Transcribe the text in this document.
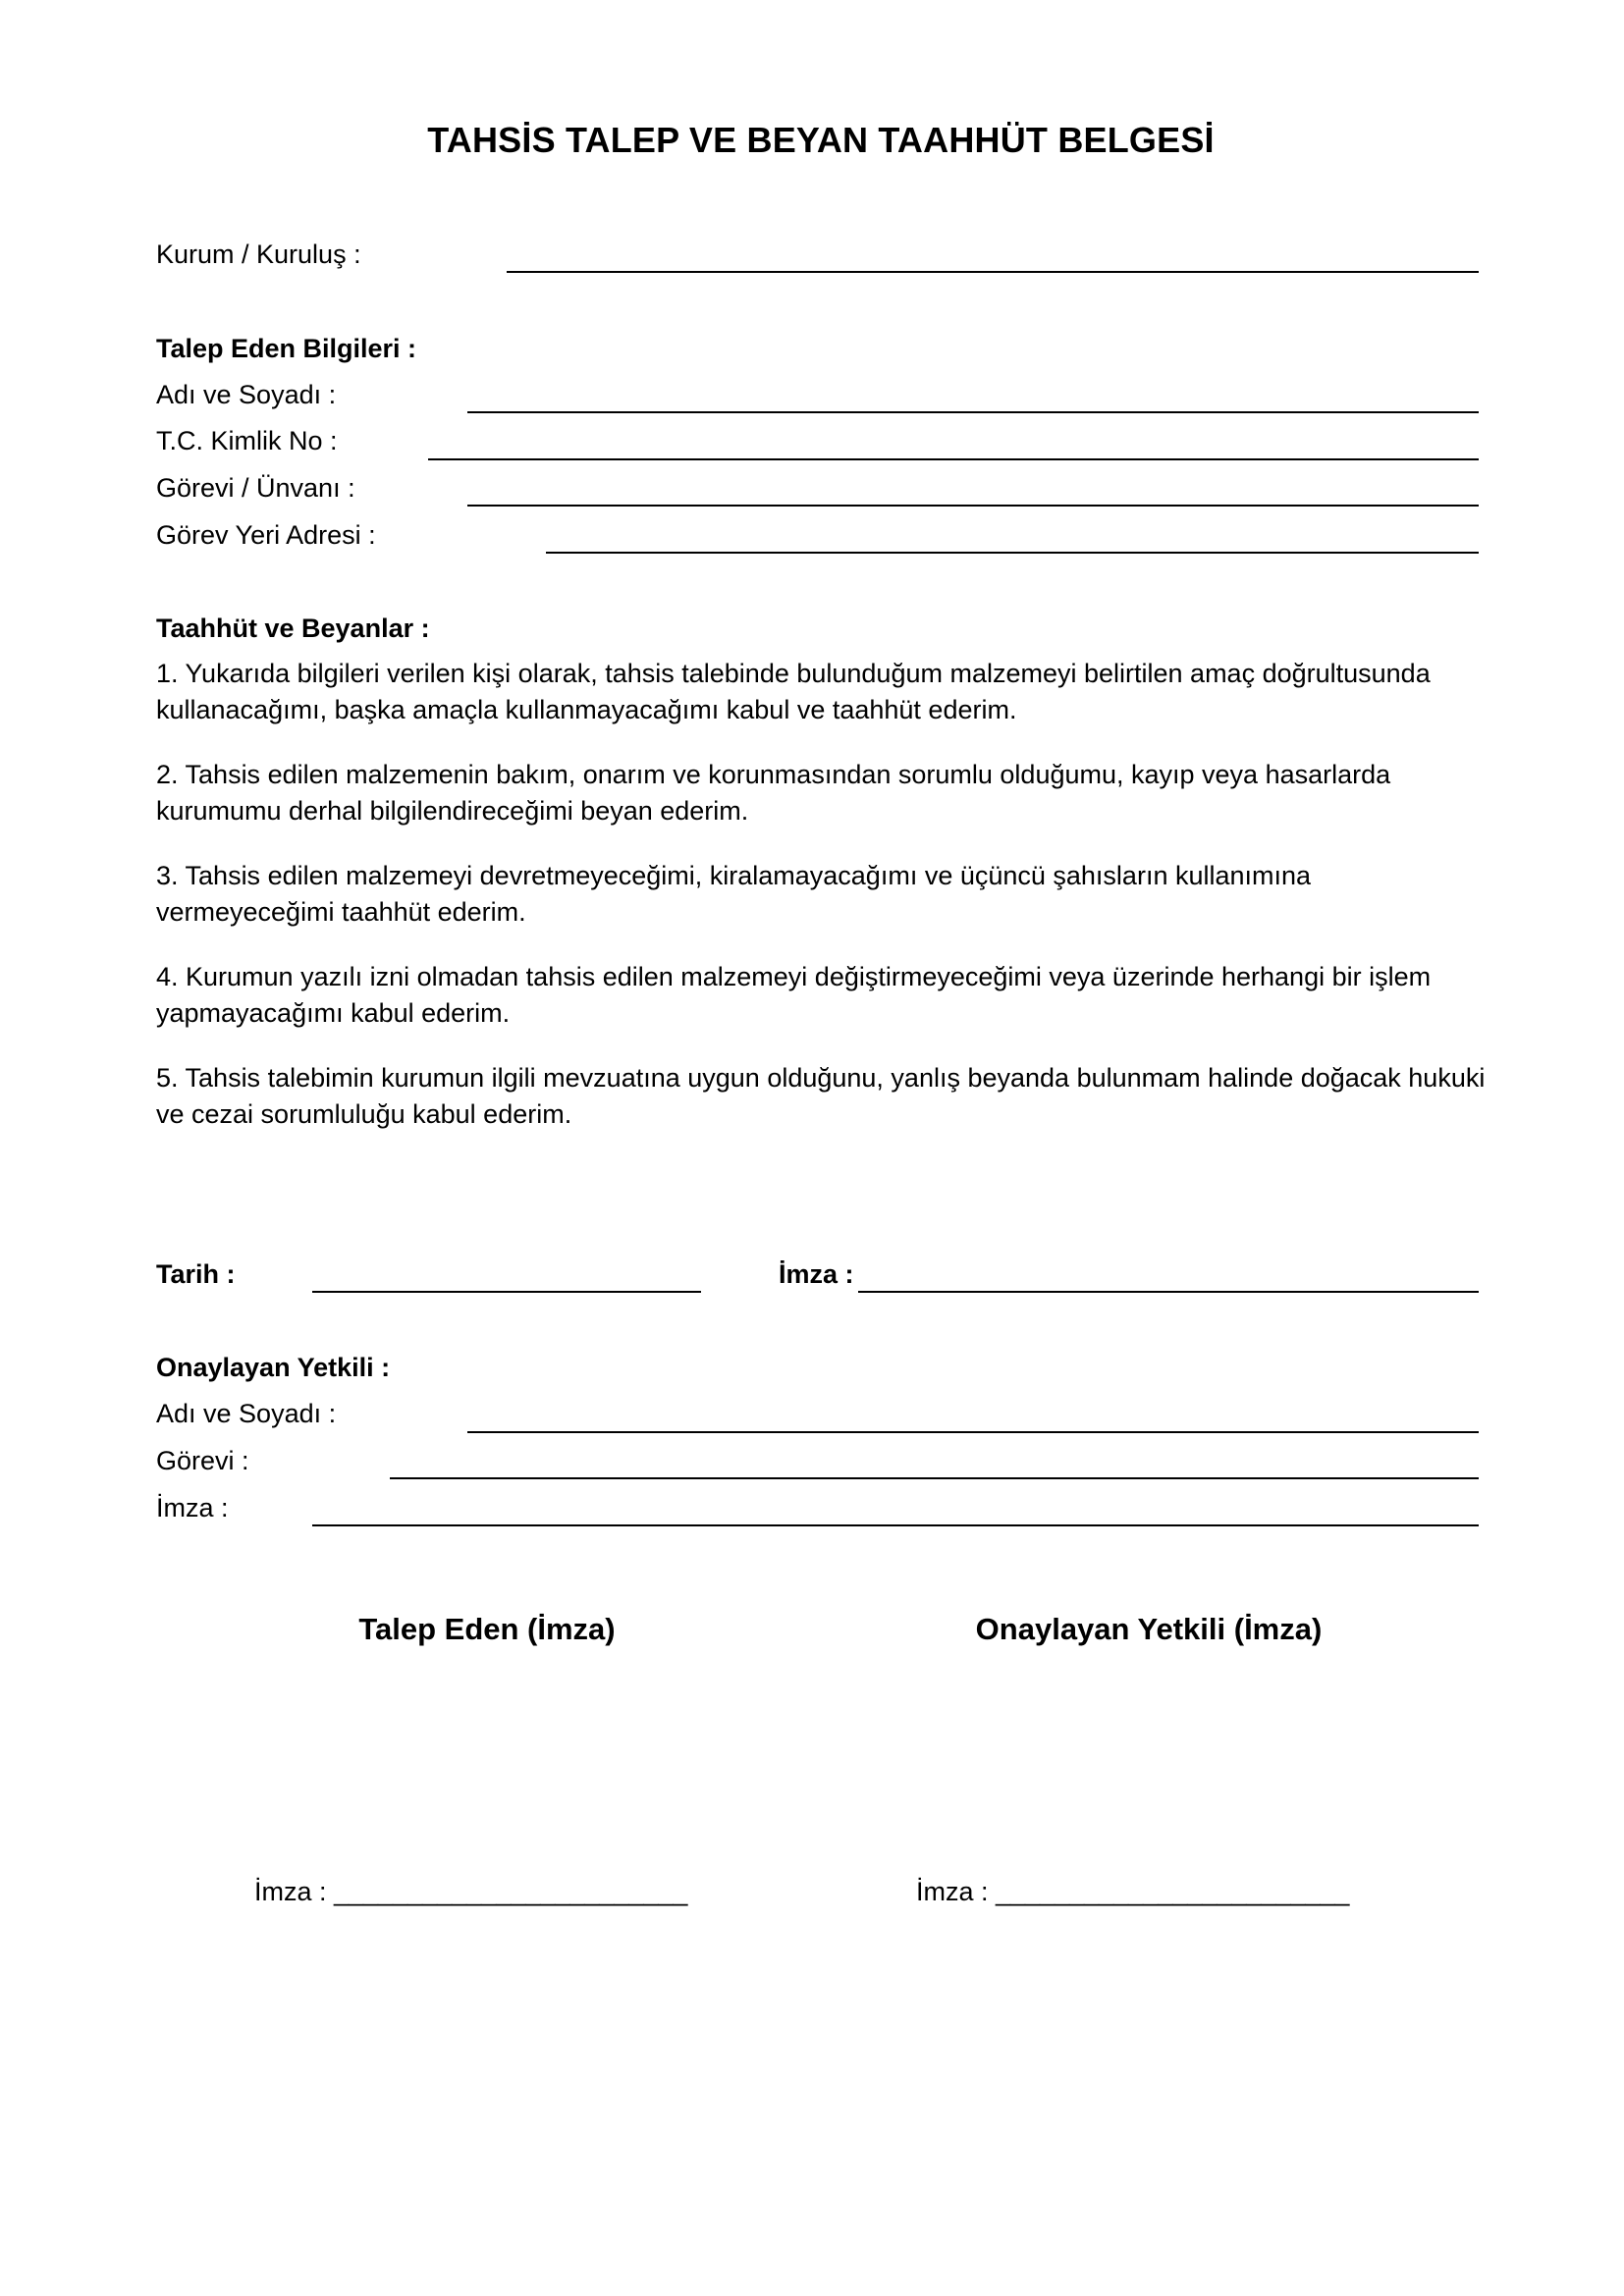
TAHSİS TALEP VE BEYAN TAAHHÜT BELGESİ
Kurum / Kuruluş :
Talep Eden Bilgileri :
Adı ve Soyadı :
T.C. Kimlik No :
Görevi / Ünvanı :
Görev Yeri Adresi :
Taahhüt ve Beyanlar :
1. Yukarıda bilgileri verilen kişi olarak, tahsis talebinde bulunduğum malzemeyi belirtilen amaç doğrultusunda kullanacağımı, başka amaçla kullanmayacağımı kabul ve taahhüt ederim.
2. Tahsis edilen malzemenin bakım, onarım ve korunmasından sorumlu olduğumu, kayıp veya hasarlarda kurumumu derhal bilgilendireceğimi beyan ederim.
3. Tahsis edilen malzemeyi devretmeyeceğimi, kiralamayacağımı ve üçüncü şahısların kullanımına vermeyeceğimi taahhüt ederim.
4. Kurumun yazılı izni olmadan tahsis edilen malzemeyi değiştirmeyeceğimi veya üzerinde herhangi bir işlem yapmayacağımı kabul ederim.
5. Tahsis talebimin kurumun ilgili mevzuatına uygun olduğunu, yanlış beyanda bulunmam halinde doğacak hukuki ve cezai sorumluluğu kabul ederim.
Tarih :	İmza :
Onaylayan Yetkili :
Adı ve Soyadı :
Görevi :
İmza :
Talep Eden (İmza)	Onaylayan Yetkili (İmza)
İmza : ________________________	İmza : ________________________
